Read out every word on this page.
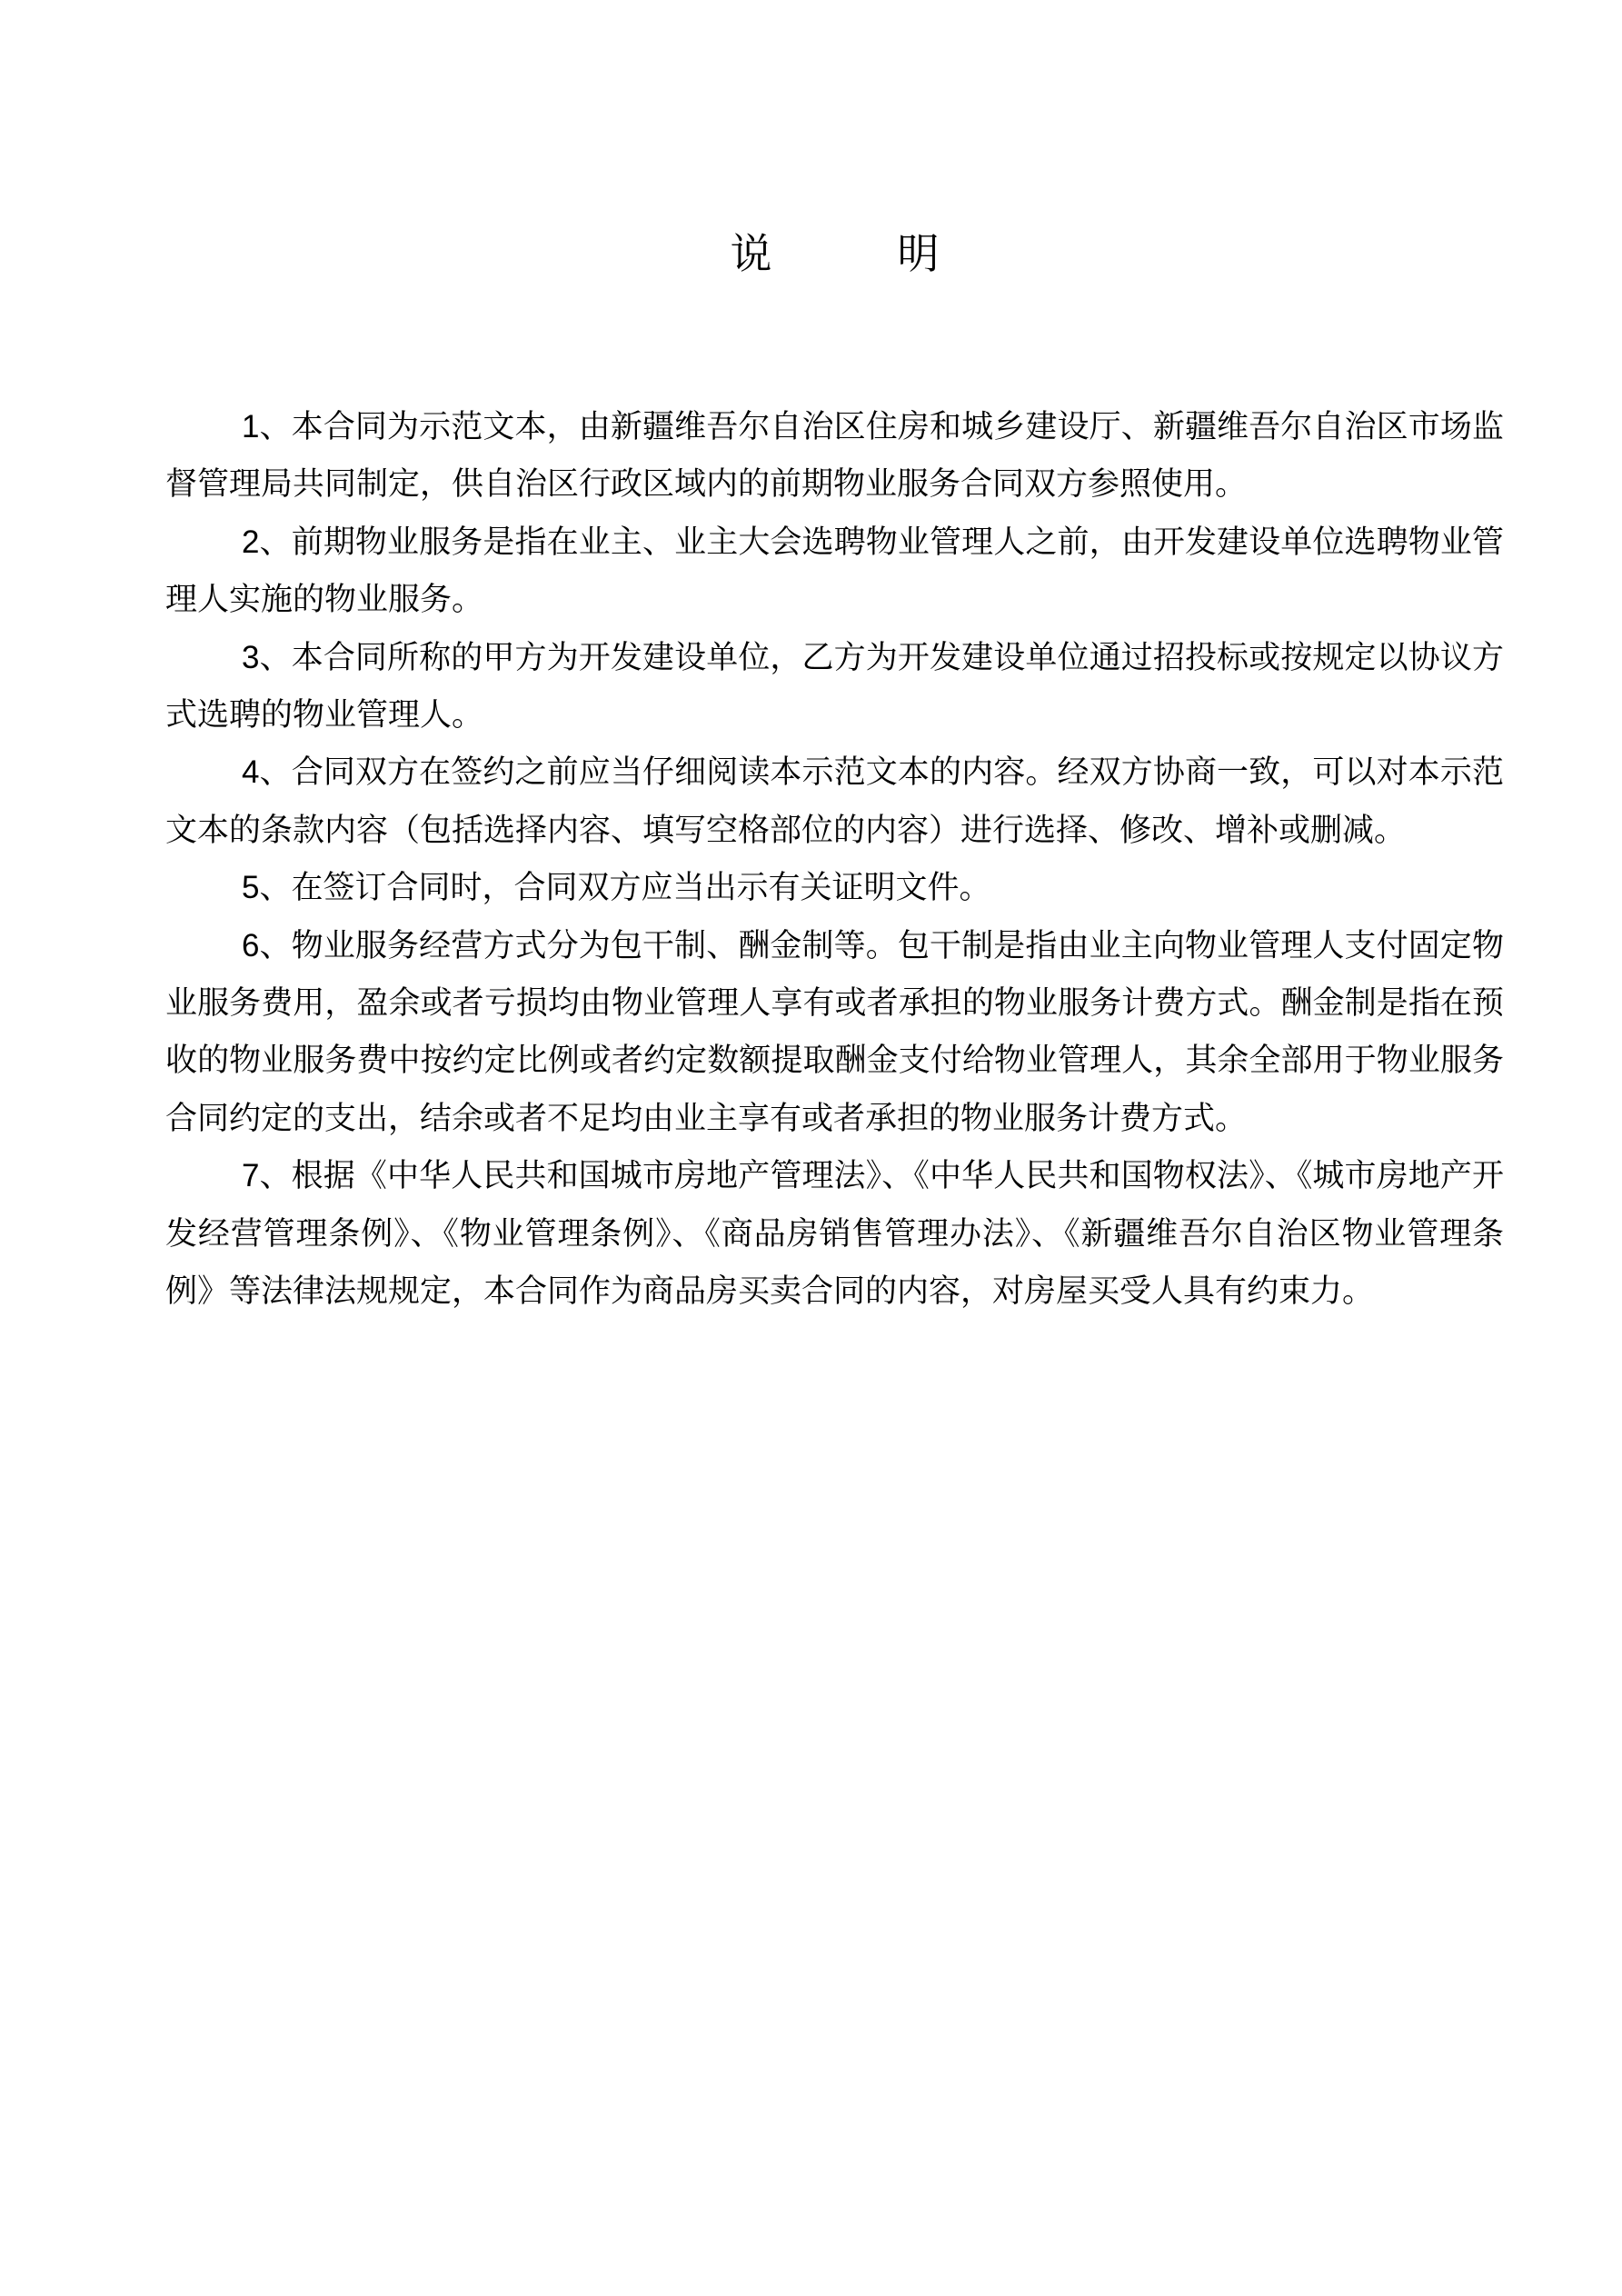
说　　　明

1、本合同为示范文本，由新疆维吾尔自治区住房和城乡建设厅、新疆维吾尔自治区市场监督管理局共同制定，供自治区行政区域内的前期物业服务合同双方参照使用。

2、前期物业服务是指在业主、业主大会选聘物业管理人之前，由开发建设单位选聘物业管理人实施的物业服务。

3、本合同所称的甲方为开发建设单位，乙方为开发建设单位通过招投标或按规定以协议方式选聘的物业管理人。

4、合同双方在签约之前应当仔细阅读本示范文本的内容。经双方协商一致，可以对本示范文本的条款内容（包括选择内容、填写空格部位的内容）进行选择、修改、增补或删减。

5、在签订合同时，合同双方应当出示有关证明文件。

6、物业服务经营方式分为包干制、酬金制等。包干制是指由业主向物业管理人支付固定物业服务费用，盈余或者亏损均由物业管理人享有或者承担的物业服务计费方式。酬金制是指在预收的物业服务费中按约定比例或者约定数额提取酬金支付给物业管理人，其余全部用于物业服务合同约定的支出，结余或者不足均由业主享有或者承担的物业服务计费方式。

7、根据《中华人民共和国城市房地产管理法》、《中华人民共和国物权法》、《城市房地产开发经营管理条例》、《物业管理条例》、《商品房销售管理办法》、《新疆维吾尔自治区物业管理条例》等法律法规规定，本合同作为商品房买卖合同的内容，对房屋买受人具有约束力。
